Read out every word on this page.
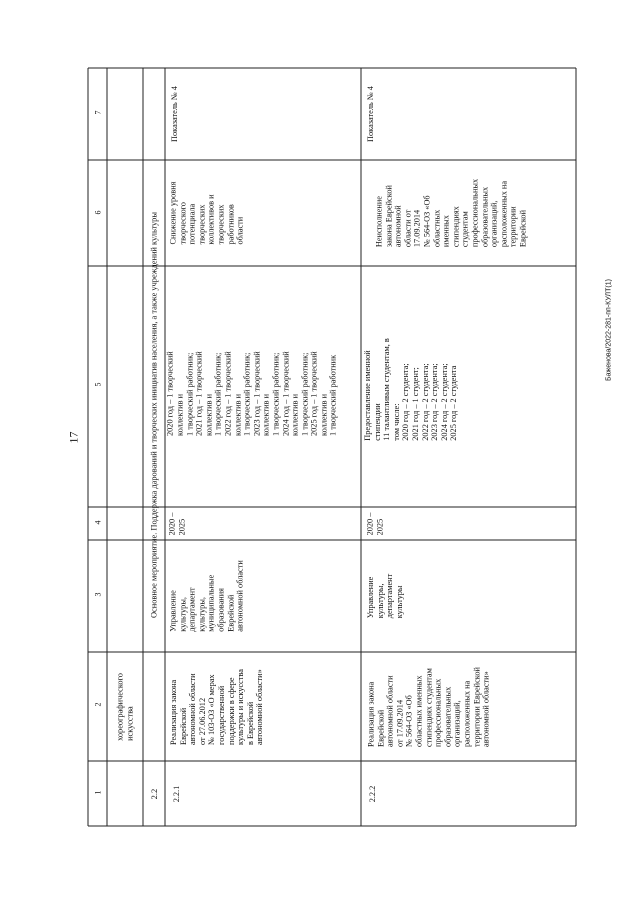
17
Баженова/2022-281-пп-КУЛТ(1)
1
2
3
4
5
6
7
хореографического
искусства
2.2
Основное мероприятие. Поддержка дарований и творческих инициатив населения, а также учреждений культуры
2.2.1
Реализация закона
Еврейской
автономной области
от 27.06.2012
№ 103-ОЗ «О мерах
государственной
поддержки в сфере
культуры и искусства
в Еврейской
автономной области»
Управление
культуры,
департамент
культуры,
муниципальные
образования
Еврейской
автономной области
2020 –
2025

2020 год – 1 творческий коллектив и
1 творческий работник;
2021 год – 1 творческий коллектив и
1 творческий работник;
2022 год – 1 творческий коллектив и
1 творческий работник;
2023 год – 1 творческий коллектив и
1 творческий работник;
2024 год – 1 творческий коллектив и
1 творческий работник;
2025 год – 1 творческий коллектив и
1 творческий работник
Снижение уровня
творческого
потенциала
творческих
коллективов и
творческих
работников
области
Показатель № 4
2.2.2
Реализация закона
Еврейской
автономной области
от 17.09.2014
№ 564-ОЗ «Об
областных именных
стипендиях студентам
профессиональных
образовательных
организаций,
расположенных на
территории Еврейской
автономной области»
Управление
культуры,
департамент
культуры
2020 –
2025
Предоставление именной стипендии
11 талантливым студентам, в том числе:
2020 год – 2 студента;
2021 год – 1 студент;
2022 год – 2 студента;
2023 год – 2 студента;
2024 год – 2 студента;
2025 год – 2 студента
Неисполнение
закона Еврейской
автономной
области от
17.09.2014
№ 564-ОЗ «Об
областных
именных
стипендиях
студентам
профессиональных
образовательных
организаций,
расположенных на
территории
Еврейской
Показатель № 4
